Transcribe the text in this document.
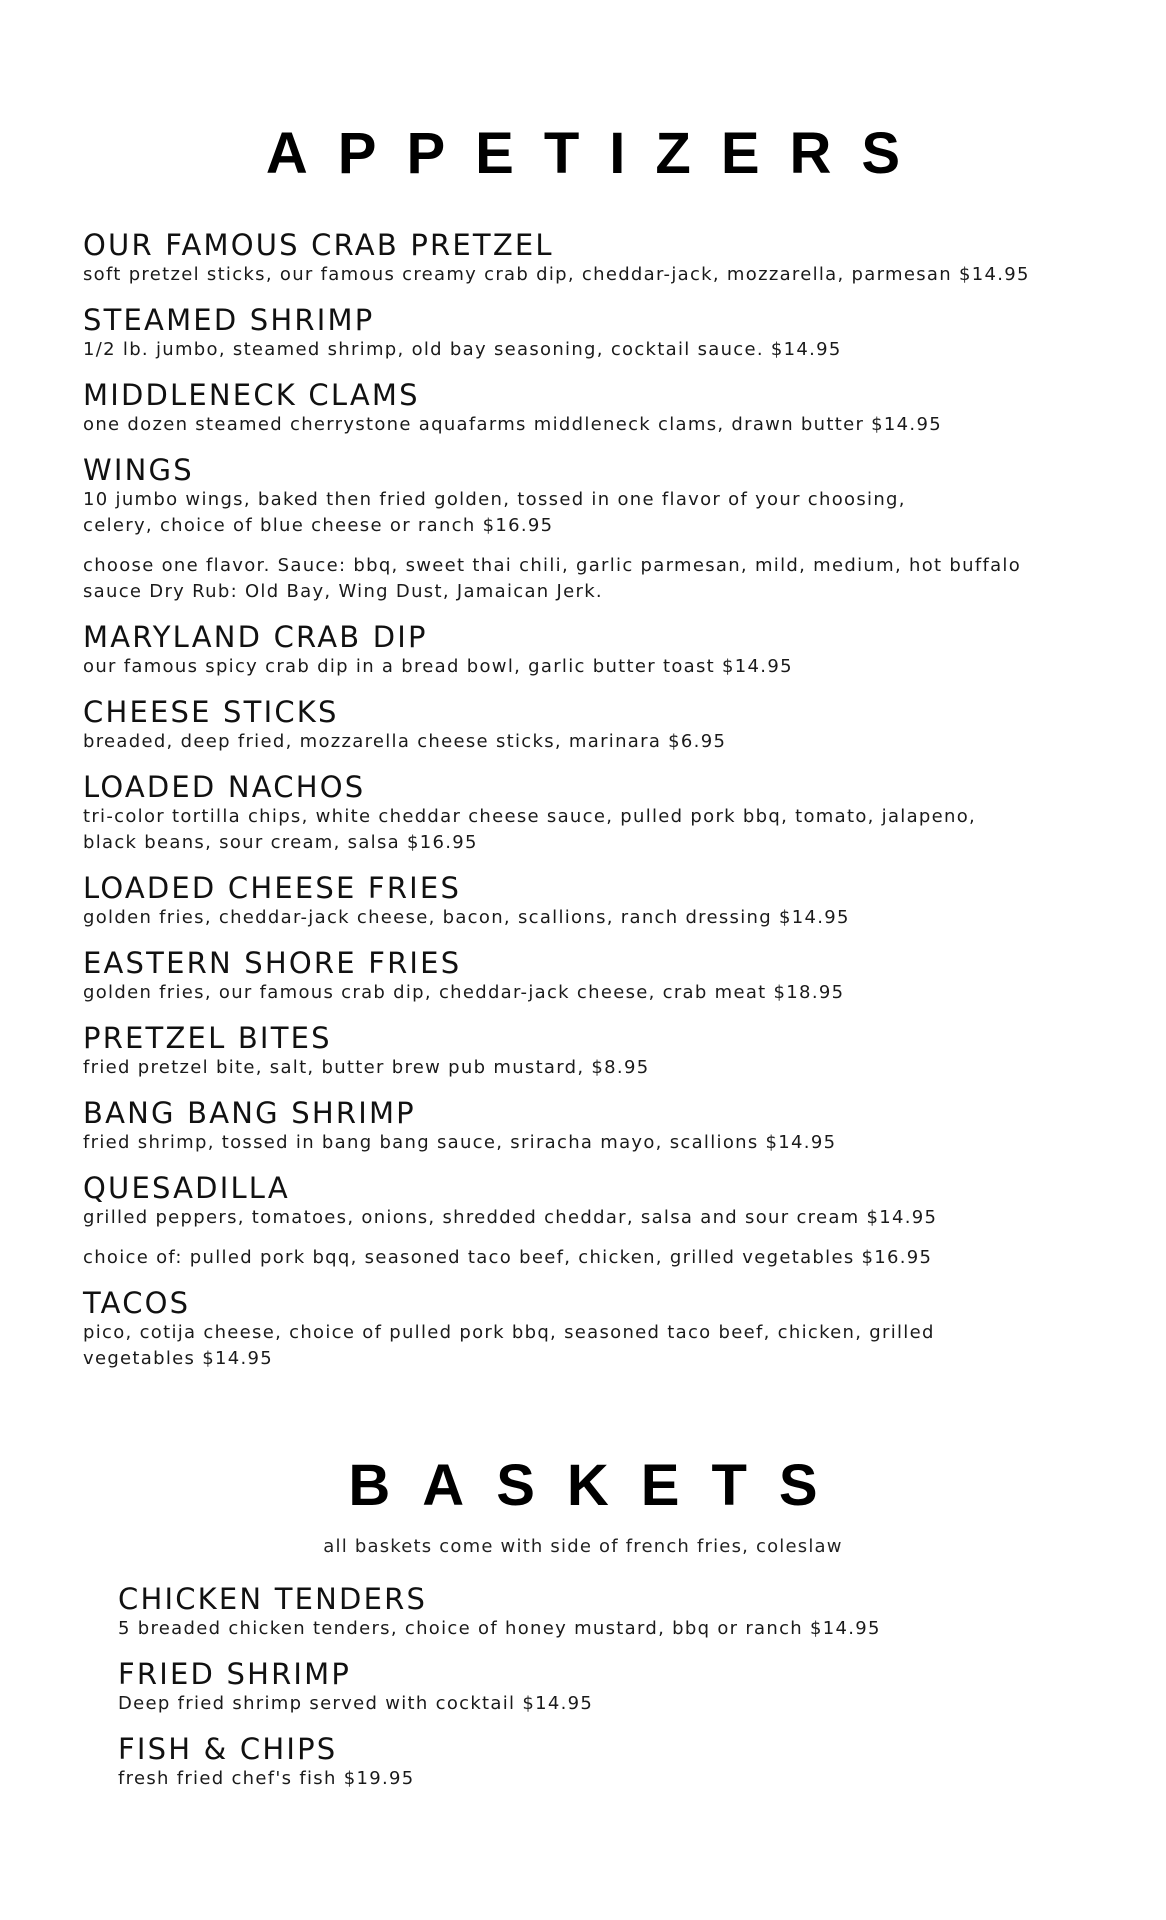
APPETIZERS
OUR FAMOUS CRAB PRETZEL
soft pretzel sticks, our famous creamy crab dip, cheddar-jack, mozzarella, parmesan $14.95
STEAMED SHRIMP
1/2 lb. jumbo, steamed shrimp, old bay seasoning, cocktail sauce. $14.95
MIDDLENECK CLAMS
one dozen steamed cherrystone aquafarms middleneck clams, drawn butter $14.95
WINGS
10 jumbo wings, baked then fried golden, tossed in one flavor of your choosing,
celery, choice of blue cheese or ranch $16.95
choose one flavor. Sauce: bbq, sweet thai chili, garlic parmesan, mild, medium, hot buffalo
sauce Dry Rub: Old Bay, Wing Dust, Jamaican Jerk.
MARYLAND CRAB DIP
our famous spicy crab dip in a bread bowl, garlic butter toast $14.95
CHEESE STICKS
breaded, deep fried, mozzarella cheese sticks, marinara $6.95
LOADED NACHOS
tri-color tortilla chips, white cheddar cheese sauce, pulled pork bbq, tomato, jalapeno,
black beans, sour cream, salsa $16.95
LOADED CHEESE FRIES
golden fries, cheddar-jack cheese, bacon, scallions, ranch dressing $14.95
EASTERN SHORE FRIES
golden fries, our famous crab dip, cheddar-jack cheese, crab meat $18.95
PRETZEL BITES
fried pretzel bite, salt, butter brew pub mustard, $8.95
BANG BANG SHRIMP
fried shrimp, tossed in bang bang sauce, sriracha mayo, scallions $14.95
QUESADILLA
grilled peppers, tomatoes, onions, shredded cheddar, salsa and sour cream $14.95
choice of: pulled pork bqq, seasoned taco beef, chicken, grilled vegetables $16.95
TACOS
pico, cotija cheese, choice of pulled pork bbq, seasoned taco beef, chicken, grilled
vegetables $14.95
BASKETS
all baskets come with side of french fries, coleslaw
CHICKEN TENDERS
5 breaded chicken tenders, choice of honey mustard, bbq or ranch $14.95
FRIED SHRIMP
Deep fried shrimp served with cocktail $14.95
FISH & CHIPS
fresh fried chef's fish $19.95
